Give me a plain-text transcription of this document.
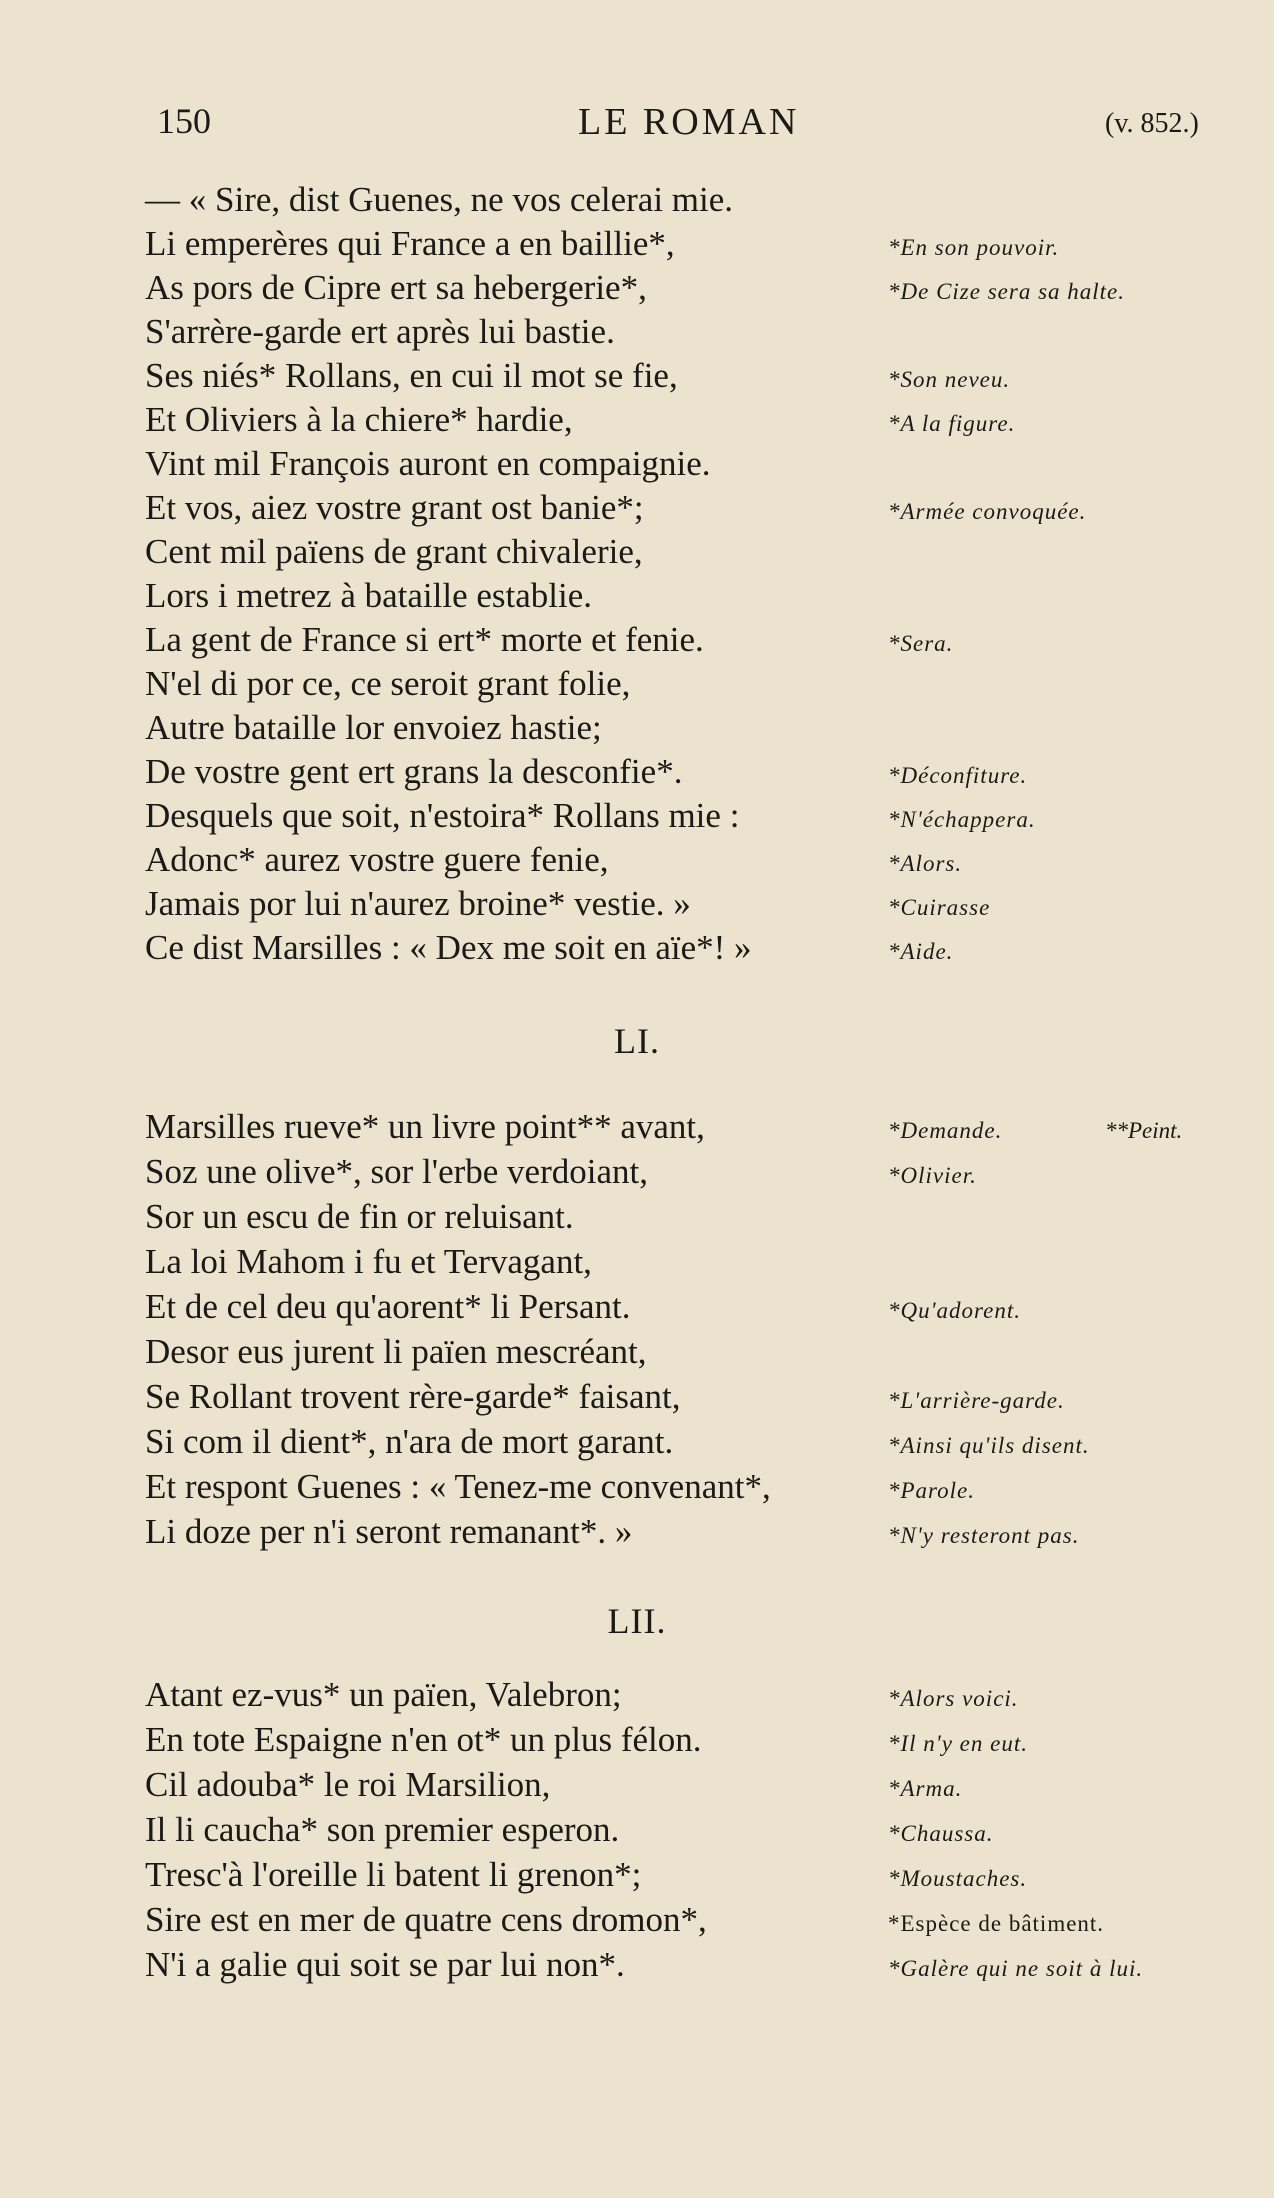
150	LE ROMAN	(v. 852.)
— « Sire, dist Guenes, ne vos celerai mie.
Li emperères qui France a en baillie*,	*En son pouvoir.
As pors de Cipre ert sa hebergerie*,	*De Cize sera sa halte.
S'arrère-garde ert après lui bastie.
Ses niés* Rollans, en cui il mot se fie,	*Son neveu.
Et Oliviers à la chiere* hardie,	*A la figure.
Vint mil François auront en compaignie.
Et vos, aiez vostre grant ost banie*;	*Armée convoquée.
Cent mil païens de grant chivalerie,
Lors i metrez à bataille establie.
La gent de France si ert* morte et fenie.	*Sera.
N'el di por ce, ce seroit grant folie,
Autre bataille lor envoiez hastie;
De vostre gent ert grans la desconfie*.	*Déconfiture.
Desquels que soit, n'estoira* Rollans mie :	*N'échappera.
Adonc* aurez vostre guere fenie,	*Alors.
Jamais por lui n'aurez broine* vestie. »	*Cuirasse
Ce dist Marsilles : « Dex me soit en aïe*! »	*Aide.
LI.
Marsilles rueve* un livre point** avant,	*Demande.	**Peint.
Soz une olive*, sor l'erbe verdoiant,	*Olivier.
Sor un escu de fin or reluisant.
La loi Mahom i fu et Tervagant,
Et de cel deu qu'aorent* li Persant.	*Qu'adorent.
Desor eus jurent li païen mescréant,
Se Rollant trovent rère-garde* faisant,	*L'arrière-garde.
Si com il dient*, n'ara de mort garant.	*Ainsi qu'ils disent.
Et respont Guenes : « Tenez-me convenant*,	*Parole.
Li doze per n'i seront remanant*. »	*N'y resteront pas.
LII.
Atant ez-vus* un païen, Valebron;	*Alors voici.
En tote Espaigne n'en ot* un plus félon.	*Il n'y en eut.
Cil adouba* le roi Marsilion,	*Arma.
Il li caucha* son premier esperon.	*Chaussa.
Tresc'à l'oreille li batent li grenon*;	*Moustaches.
Sire est en mer de quatre cens dromon*,	*Espèce de bâtiment.
N'i a galie qui soit se par lui non*.	*Galère qui ne soit à lui.
